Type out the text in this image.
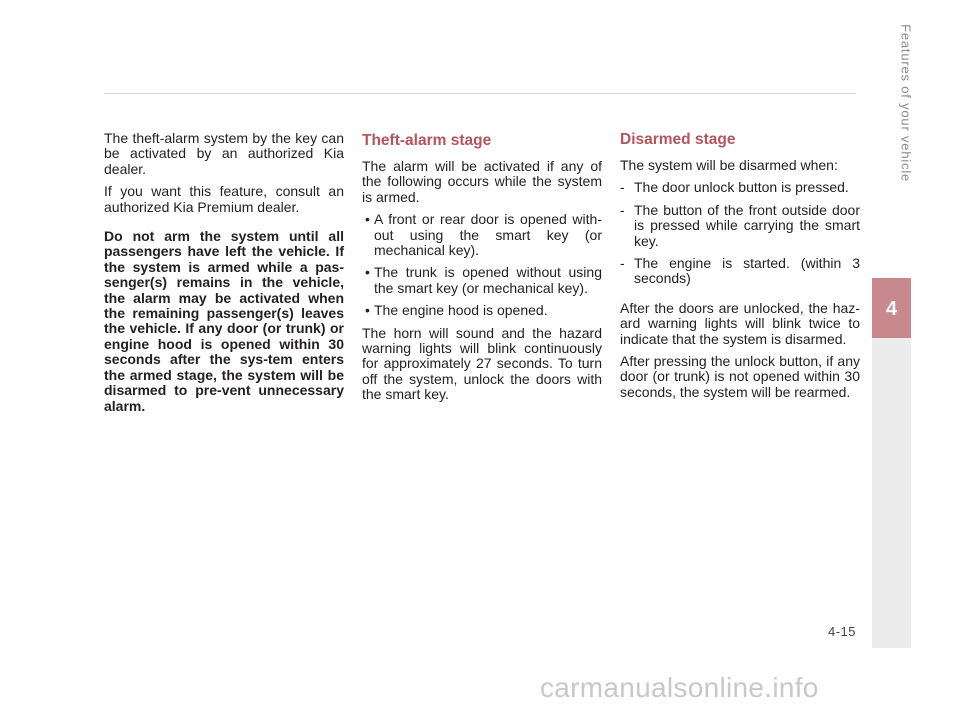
The theft-alarm system by the key can be activated by an authorized Kia dealer.

If you want this feature, consult an authorized Kia Premium dealer.

Do not arm the system until all passengers have left the vehicle. If the system is armed while a pas-senger(s) remains in the vehicle, the alarm may be activated when the remaining passenger(s) leaves the vehicle. If any door (or trunk) or engine hood is opened within 30 seconds after the sys-tem enters the armed stage, the system will be disarmed to pre-vent unnecessary alarm.

Theft-alarm stage

The alarm will be activated if any of the following occurs while the system is armed.

• A front or rear door is opened with-out using the smart key (or mechanical key).
• The trunk is opened without using the smart key (or mechanical key).
• The engine hood is opened.

The horn will sound and the hazard warning lights will blink continuously for approximately 27 seconds. To turn off the system, unlock the doors with the smart key.

Disarmed stage

The system will be disarmed when:

- The door unlock button is pressed.
- The button of the front outside door is pressed while carrying the smart key.
- The engine is started. (within 3 seconds)

After the doors are unlocked, the haz-ard warning lights will blink twice to indicate that the system is disarmed.

After pressing the unlock button, if any door (or trunk) is not opened within 30 seconds, the system will be rearmed.

4
Features of your vehicle
4-15
carmanualsonline.info
